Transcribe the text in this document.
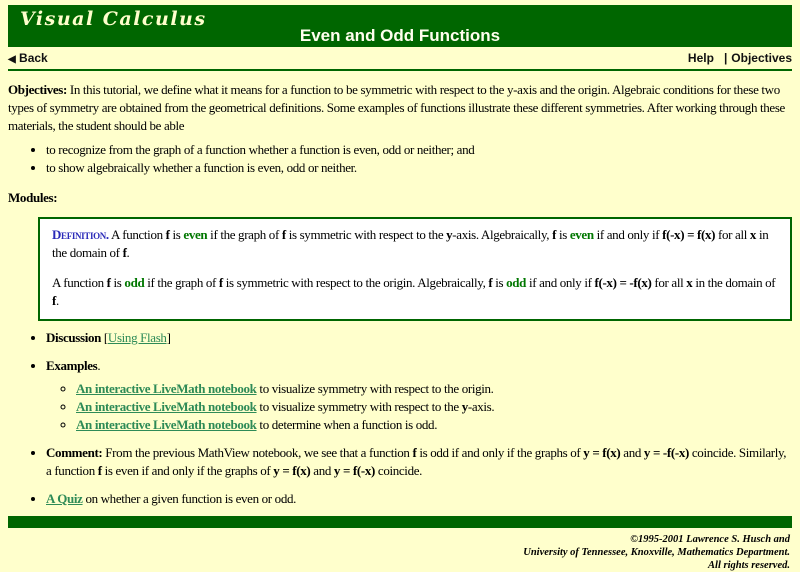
Visual Calculus
Even and Odd Functions
◀ Back	Help | Objectives

Objectives: In this tutorial, we define what it means for a function to be symmetric with respect to the y-axis and the origin. Algebraic conditions for these two types of symmetry are obtained from the geometrical definitions. Some examples of functions illustrate these different symmetries. After working through these materials, the student should be able

• to recognize from the graph of a function whether a function is even, odd or neither; and
• to show algebraically whether a function is even, odd or neither.

Modules:

Definition. A function f is even if the graph of f is symmetric with respect to the y-axis. Algebraically, f is even if and only if f(-x) = f(x) for all x in the domain of f.

A function f is odd if the graph of f is symmetric with respect to the origin. Algebraically, f is odd if and only if f(-x) = -f(x) for all x in the domain of f.

• Discussion [Using Flash]
• Examples.
◦ An interactive LiveMath notebook to visualize symmetry with respect to the origin.
◦ An interactive LiveMath notebook to visualize symmetry with respect to the y-axis.
◦ An interactive LiveMath notebook to determine when a function is odd.
• Comment: From the previous MathView notebook, we see that a function f is odd if and only if the graphs of y = f(x) and y = -f(-x) coincide. Similarly, a function f is even if and only if the graphs of y = f(x) and y = f(-x) coincide.
• A Quiz on whether a given function is even or odd.
©1995-2001 Lawrence S. Husch and
University of Tennessee, Knoxville, Mathematics Department.
All rights reserved.
